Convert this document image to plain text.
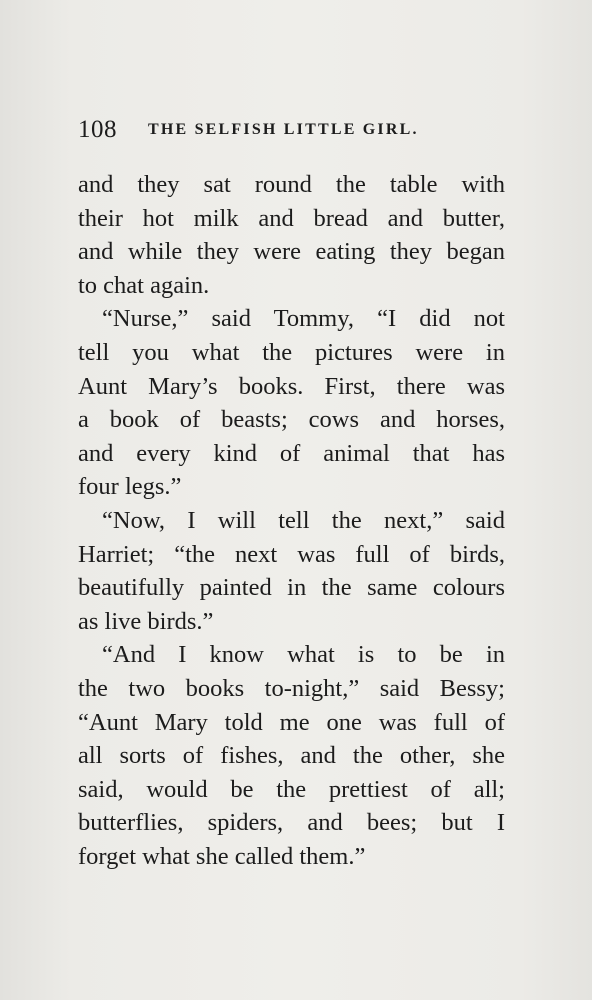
108 THE SELFISH LITTLE GIRL.
and they sat round the table with
their hot milk and bread and butter,
and while they were eating they began
to chat again.
“Nurse,” said Tommy, “I did not
tell you what the pictures were in
Aunt Mary’s books. First, there was
a book of beasts; cows and horses,
and every kind of animal that has
four legs.”
“Now, I will tell the next,” said
Harriet; “the next was full of birds,
beautifully painted in the same colours
as live birds.”
“And I know what is to be in
the two books to-night,” said Bessy;
“Aunt Mary told me one was full of
all sorts of fishes, and the other, she
said, would be the prettiest of all;
butterflies, spiders, and bees; but I
forget what she called them.”
